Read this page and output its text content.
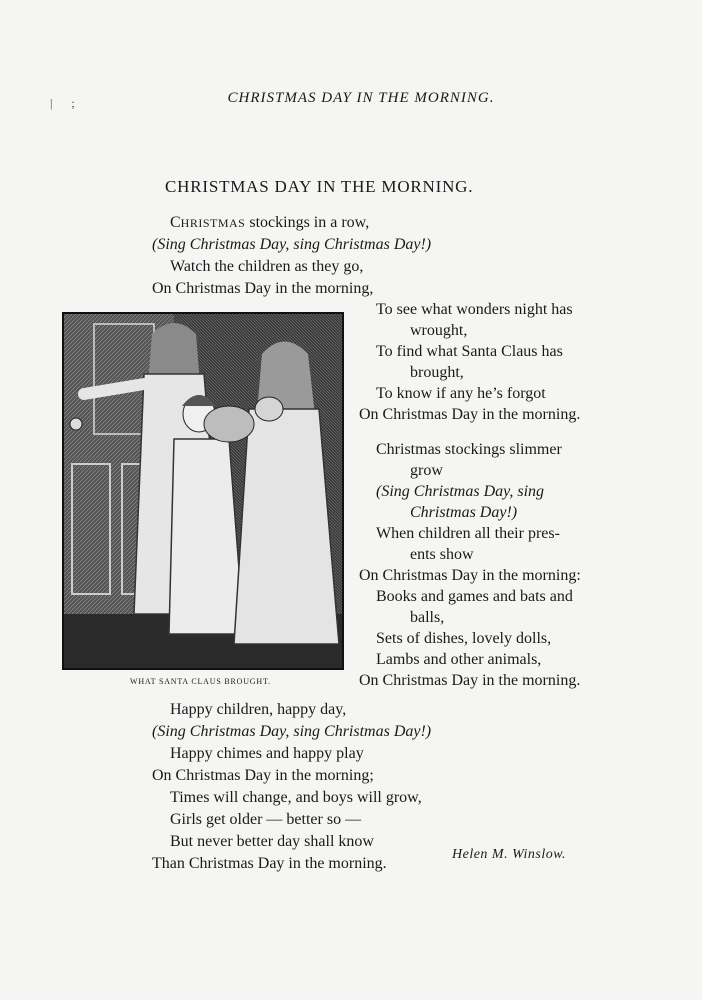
| ;	CHRISTMAS DAY IN THE MORNING.
CHRISTMAS DAY IN THE MORNING.
CHRISTMAS stockings in a row,
(Sing Christmas Day, sing Christmas Day!)
Watch the children as they go,
On Christmas Day in the morning,
To see what wonders night has
wrought,
To find what Santa Claus has
brought,
To know if any he’s forgot
On Christmas Day in the morning.
Christmas stockings slimmer
grow
(Sing Christmas Day, sing
Christmas Day!)
When children all their pres-
ents show
On Christmas Day in the morning:
Books and games and bats and
balls,
Sets of dishes, lovely dolls,
Lambs and other animals,
On Christmas Day in the morning.
WHAT SANTA CLAUS BROUGHT.
Happy children, happy day,
(Sing Christmas Day, sing Christmas Day!)
Happy chimes and happy play
On Christmas Day in the morning;
Times will change, and boys will grow,
Girls get older — better so —
But never better day shall know
Than Christmas Day in the morning.
Helen M. Winslow.
